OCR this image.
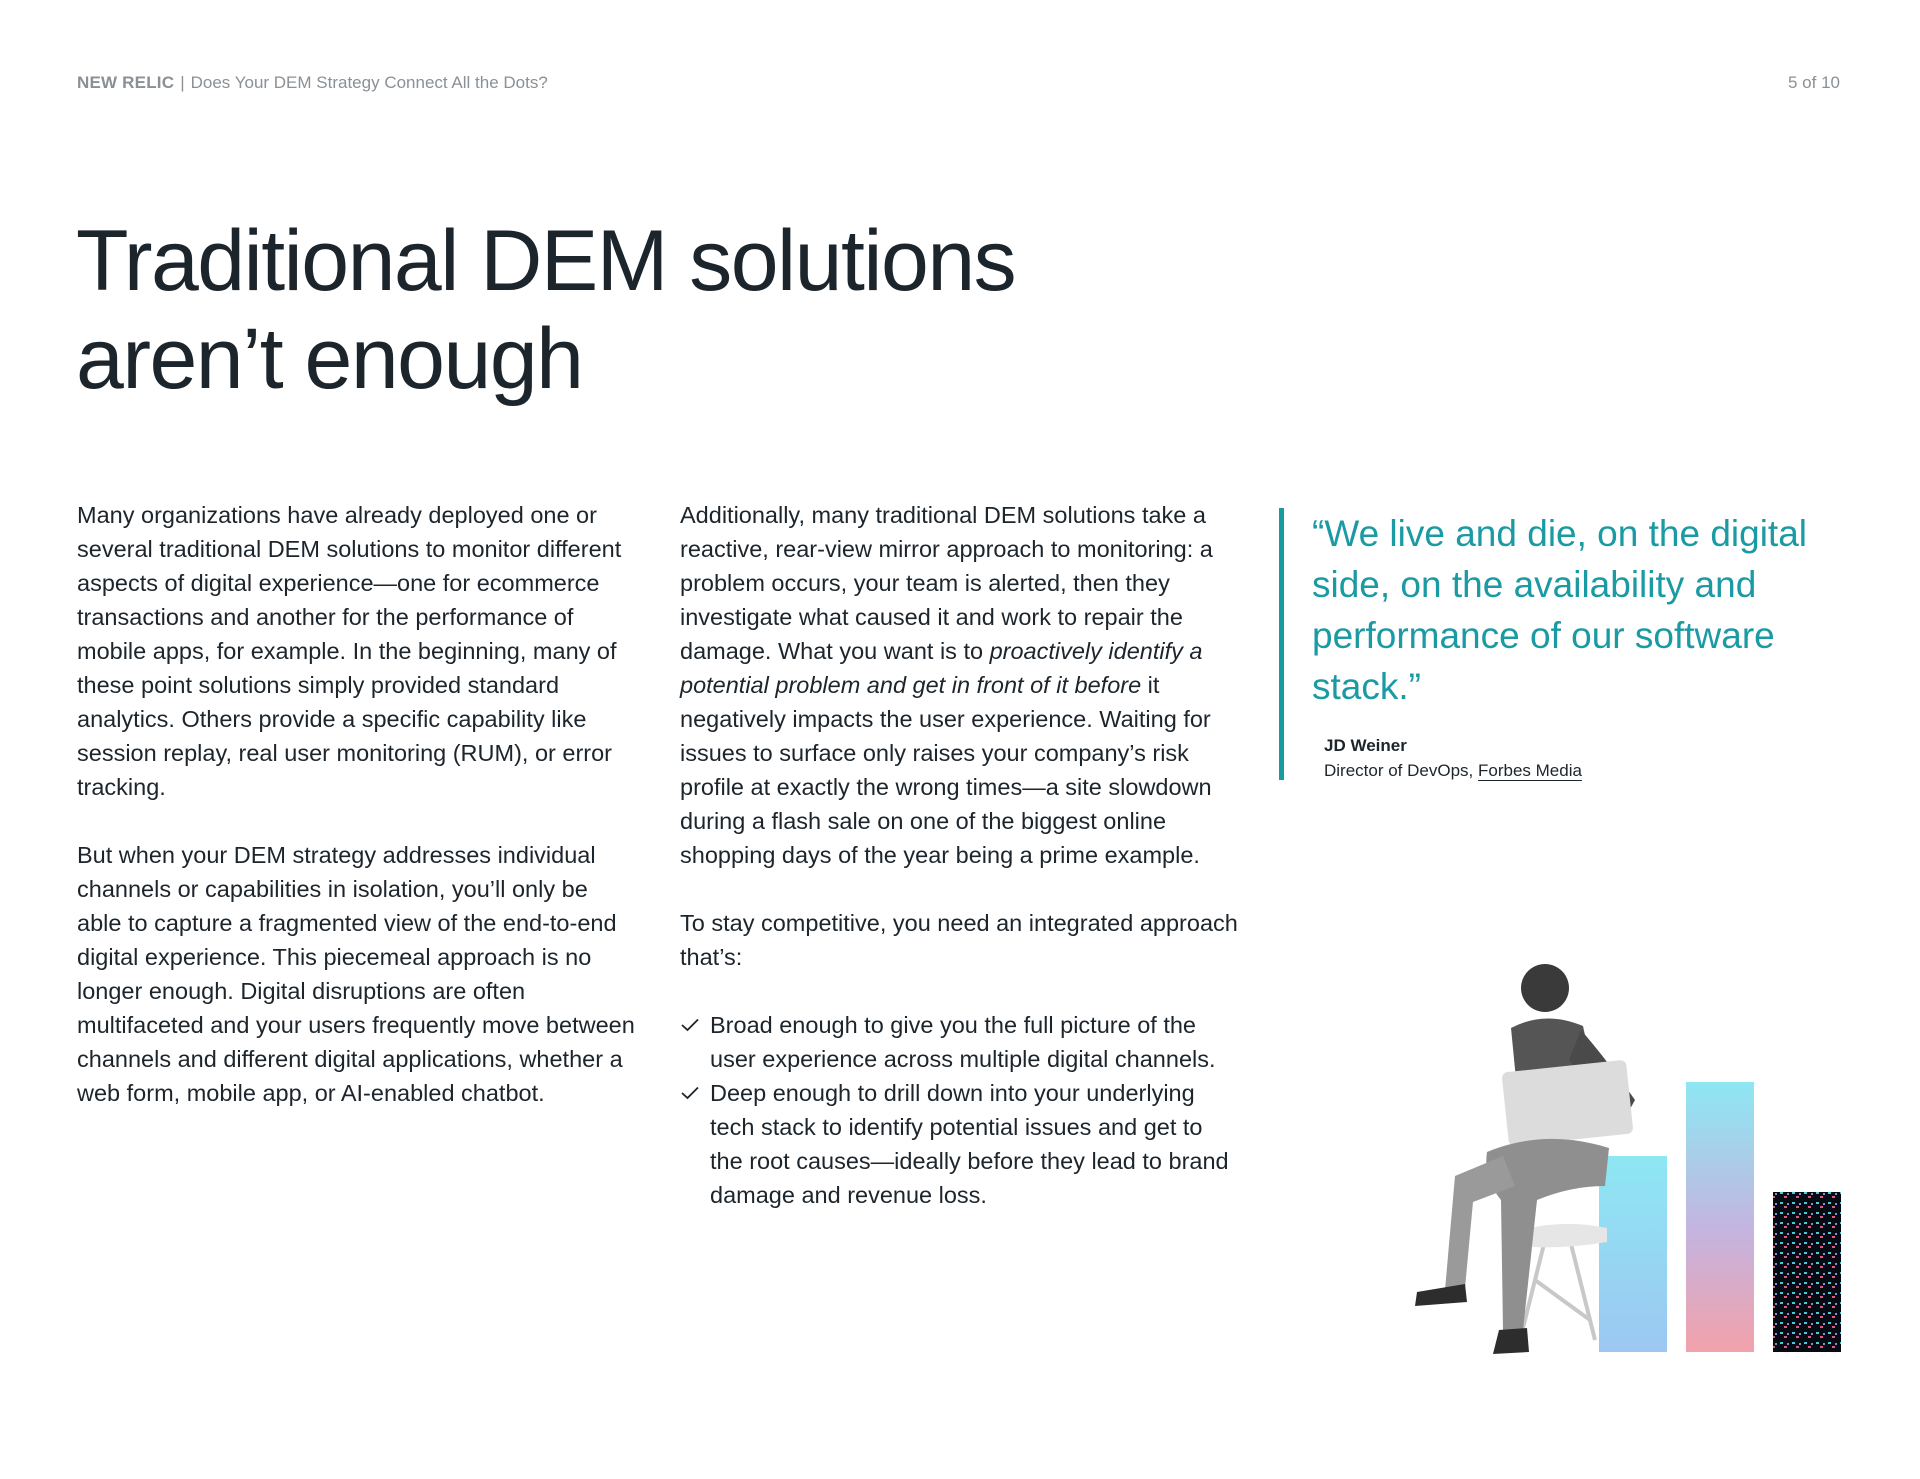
NEW RELIC | Does Your DEM Strategy Connect All the Dots?	5 of 10
Traditional DEM solutions
aren’t enough

Many organizations have already deployed one or several traditional DEM solutions to monitor different aspects of digital experience—one for ecommerce transactions and another for the performance of mobile apps, for example. In the beginning, many of these point solutions simply provided standard analytics. Others provide a specific capability like session replay, real user monitoring (RUM), or error tracking.

But when your DEM strategy addresses individual channels or capabilities in isolation, you’ll only be able to capture a fragmented view of the end-to-end digital experience. This piecemeal approach is no longer enough. Digital disruptions are often multifaceted and your users frequently move between channels and different digital applications, whether a web form, mobile app, or AI-enabled chatbot.

Additionally, many traditional DEM solutions take a reactive, rear-view mirror approach to monitoring: a problem occurs, your team is alerted, then they investigate what caused it and work to repair the damage. What you want is to proactively identify a potential problem and get in front of it before it negatively impacts the user experience. Waiting for issues to surface only raises your company’s risk profile at exactly the wrong times—a site slowdown during a flash sale on one of the biggest online shopping days of the year being a prime example.

To stay competitive, you need an integrated approach that’s:

Broad enough to give you the full picture of the user experience across multiple digital channels.
Deep enough to drill down into your underlying tech stack to identify potential issues and get to the root causes—ideally before they lead to brand damage and revenue loss.

“We live and die, on the digital side, on the availability and performance of our software stack.”

JD Weiner
Director of DevOps, Forbes Media
